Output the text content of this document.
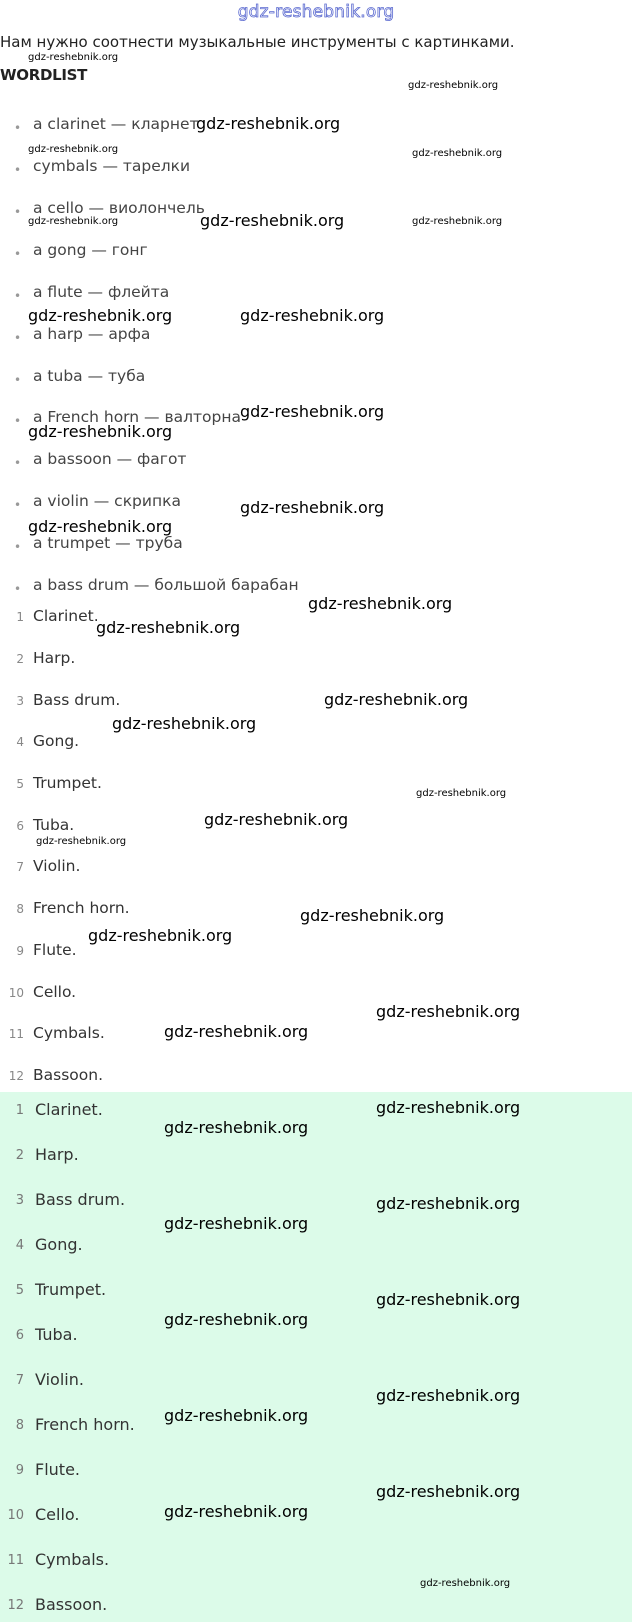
gdz-reshebnik.org
Нам нужно соотнести музыкальные инструменты с картинками.
WORDLIST
• a clarinet — кларнет
• cymbals — тарелки
• a cello — виолончель
• a gong — гонг
• a flute — флейта
• a harp — арфа
• a tuba — туба
• a French horn — валторна
• a bassoon — фагот
• a violin — скрипка
• a trumpet — труба
• a bass drum — большой барабан
1 Clarinet.
2 Harp.
3 Bass drum.
4 Gong.
5 Trumpet.
6 Tuba.
7 Violin.
8 French horn.
9 Flute.
10 Cello.
11 Cymbals.
12 Bassoon.
1 Clarinet.
2 Harp.
3 Bass drum.
4 Gong.
5 Trumpet.
6 Tuba.
7 Violin.
8 French horn.
9 Flute.
10 Cello.
11 Cymbals.
12 Bassoon.
gdz-reshebnik.org
gdz-reshebnik.org
gdz-reshebnik.org
gdz-reshebnik.org	gdz-reshebnik.org
gdz-reshebnik.org
gdz-reshebnik.org	gdz-reshebnik.org
gdz-reshebnik.org	gdz-reshebnik.org
gdz-reshebnik.org
gdz-reshebnik.org
gdz-reshebnik.org
gdz-reshebnik.org
gdz-reshebnik.org
gdz-reshebnik.org
gdz-reshebnik.org
gdz-reshebnik.org
gdz-reshebnik.org
gdz-reshebnik.org
gdz-reshebnik.org
gdz-reshebnik.org
gdz-reshebnik.org
gdz-reshebnik.org
gdz-reshebnik.org
gdz-reshebnik.org
gdz-reshebnik.org
gdz-reshebnik.org
gdz-reshebnik.org
gdz-reshebnik.org
gdz-reshebnik.org
gdz-reshebnik.org
gdz-reshebnik.org
gdz-reshebnik.org
gdz-reshebnik.org
gdz-reshebnik.org
